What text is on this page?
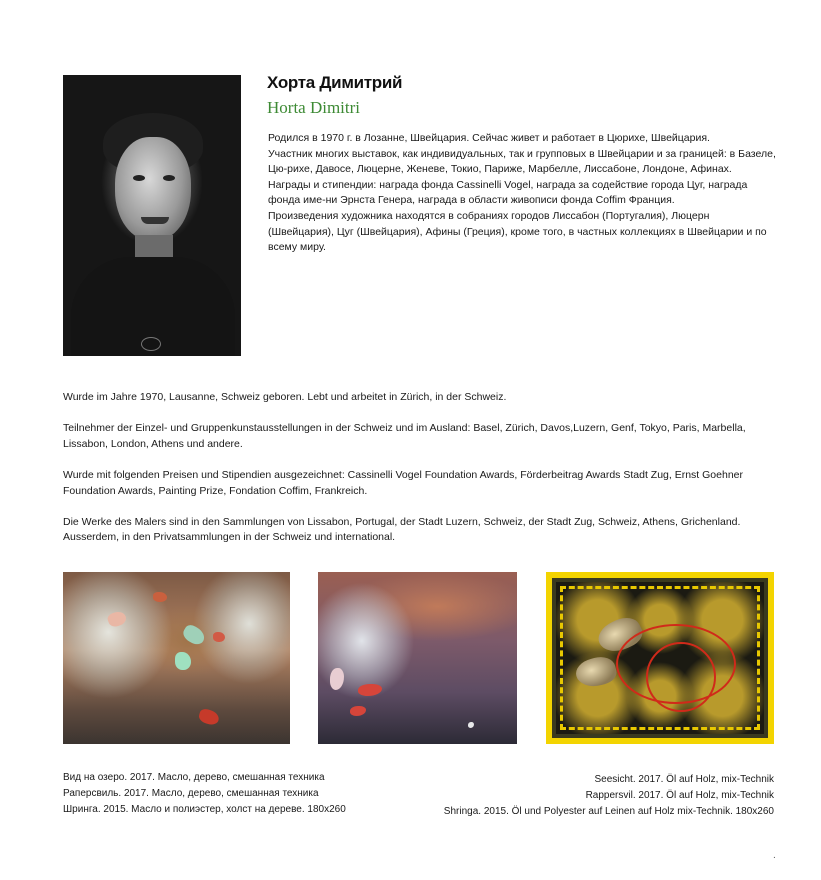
Хорта Димитрий
Horta Dimitri

Родился в 1970 г. в Лозанне, Швейцария. Сейчас живет и работает в Цюрихе, Швейцария.

Участник многих выставок, как индивидуальных, так и групповых в Швейцарии и за границей: в Базеле, Цю-рихе, Давосе, Люцерне, Женеве, Токио, Париже, Марбелле, Лиссабоне, Лондоне, Афинах.

Награды и стипендии: награда фонда Cassinelli Vogel, награда за содействие города Цуг, награда фонда име-ни Эрнста Генера, награда в области живописи фонда Coffim Франция.

Произведения художника находятся в собраниях городов Лиссабон (Португалия), Люцерн (Швейцария), Цуг (Швейцария), Афины (Греция), кроме того, в частных коллекциях в Швейцарии и по всему миру.

Wurde im Jahre 1970, Lausanne, Schweiz geboren. Lebt und arbeitet in Zürich, in der Schweiz.

Teilnehmer der Einzel- und Gruppenkunstausstellungen in der Schweiz und im Ausland: Basel, Zürich, Davos,Luzern, Genf, Tokyo, Paris, Marbella, Lissabon, London, Athens und andere.

Wurde mit folgenden Preisen und Stipendien ausgezeichnet: Cassinelli Vogel Foundation Awards, Förderbeitrag Awards Stadt Zug, Ernst Goehner Foundation Awards, Painting Prize, Fondation Coffim, Frankreich.

Die Werke des Malers sind in den Sammlungen von Lissabon, Portugal, der Stadt Luzern, Schweiz, der Stadt Zug, Schweiz, Athens, Grichenland. Ausserdem, in den Privatsammlungen in der Schweiz und international.

Вид на озеро. 2017. Масло, дерево, смешанная техника
Раперсвиль. 2017. Масло, дерево, смешанная техника
Шринга. 2015. Масло и полиэстер, холст на дереве. 180x260
Seesicht. 2017. Öl auf Holz, mix-Technik
Rappersvil. 2017. Öl auf Holz, mix-Technik
Shringa. 2015. Öl und Polyester auf Leinen auf Holz mix-Technik. 180x260
.
